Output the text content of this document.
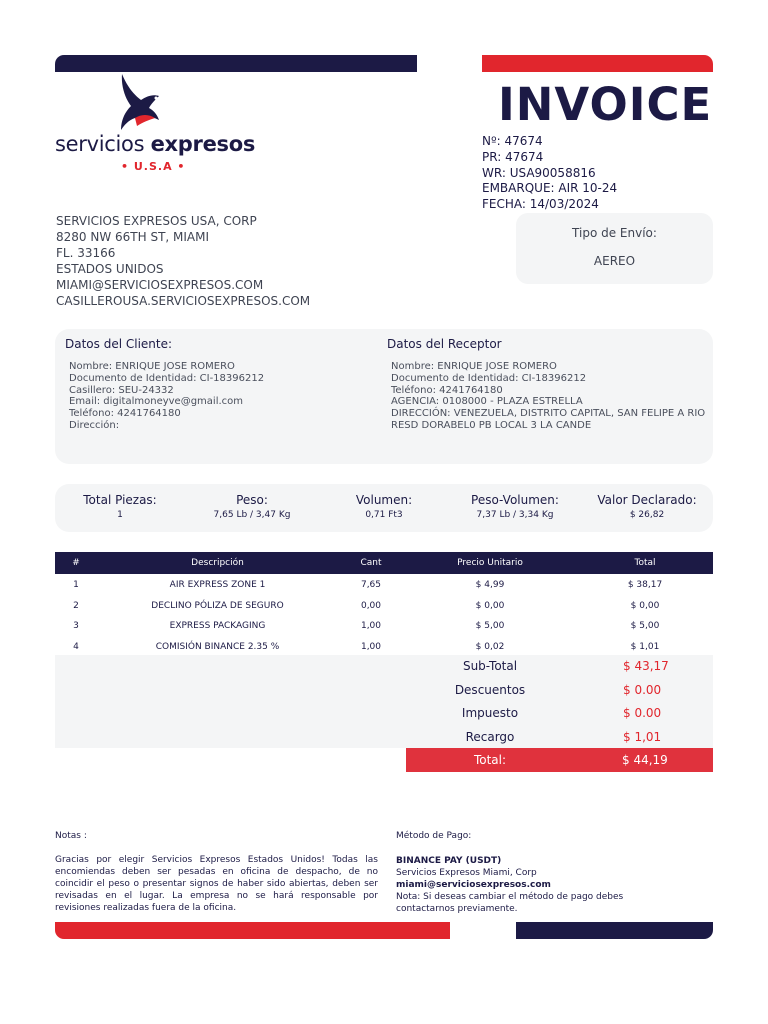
servicios expresos
• U.S.A •
INVOICE
Nº: 47674
PR: 47674
WR: USA90058816
EMBARQUE: AIR 10-24
FECHA: 14/03/2024
SERVICIOS EXPRESOS USA, CORP
8280 NW 66TH ST, MIAMI
FL. 33166
ESTADOS UNIDOS
MIAMI@SERVICIOSEXPRESOS.COM
CASILLEROUSA.SERVICIOSEXPRESOS.COM
Tipo de Envío:
AEREO
Datos del Cliente:
Nombre: ENRIQUE JOSE ROMERO
Documento de Identidad: CI-18396212
Casillero: SEU-24332
Email: digitalmoneyve@gmail.com
Teléfono: 4241764180
Dirección:
Datos del Receptor
Nombre: ENRIQUE JOSE ROMERO
Documento de Identidad: CI-18396212
Teléfono: 4241764180
AGENCIA: 0108000 - PLAZA ESTRELLA
DIRECCIÓN: VENEZUELA, DISTRITO CAPITAL, SAN FELIPE A RIO
RESD DORABEL0 PB LOCAL 3 LA CANDE
Total Piezas:
1
Peso:
7,65 Lb / 3,47 Kg
Volumen:
0,71 Ft3
Peso-Volumen:
7,37 Lb / 3,34 Kg
Valor Declarado:
$ 26,82
#	Descripción	Cant	Precio Unitario	Total
1	AIR EXPRESS ZONE 1	7,65	$ 4,99	$ 38,17
2	DECLINO PÓLIZA DE SEGURO	0,00	$ 0,00	$ 0,00
3	EXPRESS PACKAGING	1,00	$ 5,00	$ 5,00
4	COMISIÓN BINANCE 2.35 %	1,00	$ 0,02	$ 1,01
Sub-Total	$ 43,17
Descuentos	$ 0.00
Impuesto	$ 0.00
Recargo	$ 1,01
Total:	$ 44,19
Notas :
Gracias por elegir Servicios Expresos Estados Unidos! Todas las encomiendas deben ser pesadas en oficina de despacho, de no coincidir el peso o presentar signos de haber sido abiertas, deben ser revisadas en el lugar. La empresa no se hará responsable por revisiones realizadas fuera de la oficina.
Método de Pago:
BINANCE PAY (USDT)
Servicios Expresos Miami, Corp
miami@serviciosexpresos.com
Nota: Si deseas cambiar el método de pago debes contactarnos previamente.
